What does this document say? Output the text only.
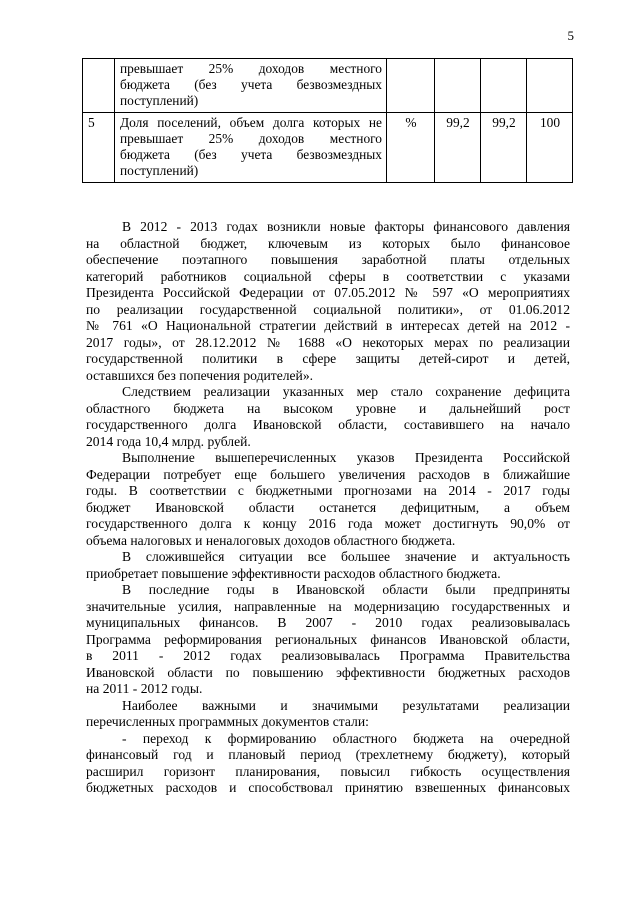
5

	превышает 25% доходов местного
бюджета (без учета безвозмездных
поступлений)				

5	Доля поселений, объем долга которых не
превышает 25% доходов местного
бюджета (без учета безвозмездных
поступлений)	%	99,2	99,2	100

В 2012 - 2013 годах возникли новые факторы финансового давления
на областной бюджет, ключевым из которых было финансовое
обеспечение поэтапного повышения заработной платы отдельных
категорий работников социальной сферы в соответствии с указами
Президента Российской Федерации от 07.05.2012 № 597 «О мероприятиях
по реализации государственной социальной политики», от 01.06.2012
№ 761 «О Национальной стратегии действий в интересах детей на 2012 -
2017 годы», от 28.12.2012 № 1688 «О некоторых мерах по реализации
государственной политики в сфере защиты детей-сирот и детей,
оставшихся без попечения родителей».

Следствием реализации указанных мер стало сохранение дефицита
областного бюджета на высоком уровне и дальнейший рост
государственного долга Ивановской области, составившего на начало
2014 года 10,4 млрд. рублей.

Выполнение вышеперечисленных указов Президента Российской
Федерации потребует еще большего увеличения расходов в ближайшие
годы. В соответствии с бюджетными прогнозами на 2014 - 2017 годы
бюджет Ивановской области останется дефицитным, а объем
государственного долга к концу 2016 года может достигнуть 90,0% от
объема налоговых и неналоговых доходов областного бюджета.

В сложившейся ситуации все большее значение и актуальность
приобретает повышение эффективности расходов областного бюджета.

В последние годы в Ивановской области были предприняты
значительные усилия, направленные на модернизацию государственных и
муниципальных финансов. В 2007 - 2010 годах реализовывалась
Программа реформирования региональных финансов Ивановской области,
в 2011 - 2012 годах реализовывалась Программа Правительства
Ивановской области по повышению эффективности бюджетных расходов
на 2011 - 2012 годы.

Наиболее важными и значимыми результатами реализации
перечисленных программных документов стали:

- переход к формированию областного бюджета на очередной
финансовый год и плановый период (трехлетнему бюджету), который
расширил горизонт планирования, повысил гибкость осуществления
бюджетных расходов и способствовал принятию взвешенных финансовых
